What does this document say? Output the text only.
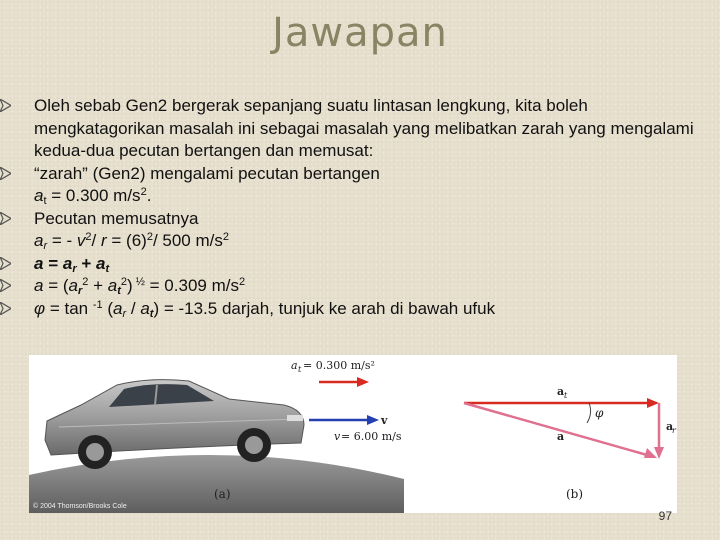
Jawapan
Oleh sebab Gen2 bergerak sepanjang suatu lintasan lengkung, kita boleh mengkatagorikan masalah ini sebagai masalah yang melibatkan zarah yang mengalami kedua-dua pecutan bertangen dan memusat:
“zarah” (Gen2) mengalami pecutan bertangen
$a_t = 0.300$ $m/s^2$.
Pecutan memusatnya
$a_r$ = - $v^2/$ $r = (6)^2/$ 500 $m/s^2$
$a = a_r + a_t$
$a = (a_r^2 + a_t^2) ^{\frac{1}{2}} = 0.309$ $m/s^2$
φ = tan $^{-1}$ $(a_r / a_t) = -13.5$ darjah, tunjuk ke arah di bawah ufuk
a t = 0.300 m/s²
v
v = 6.00 m/s
a t
φ
a
r
a
(a)	(b)
© 2004 Thomson/Brooks Cole
97
